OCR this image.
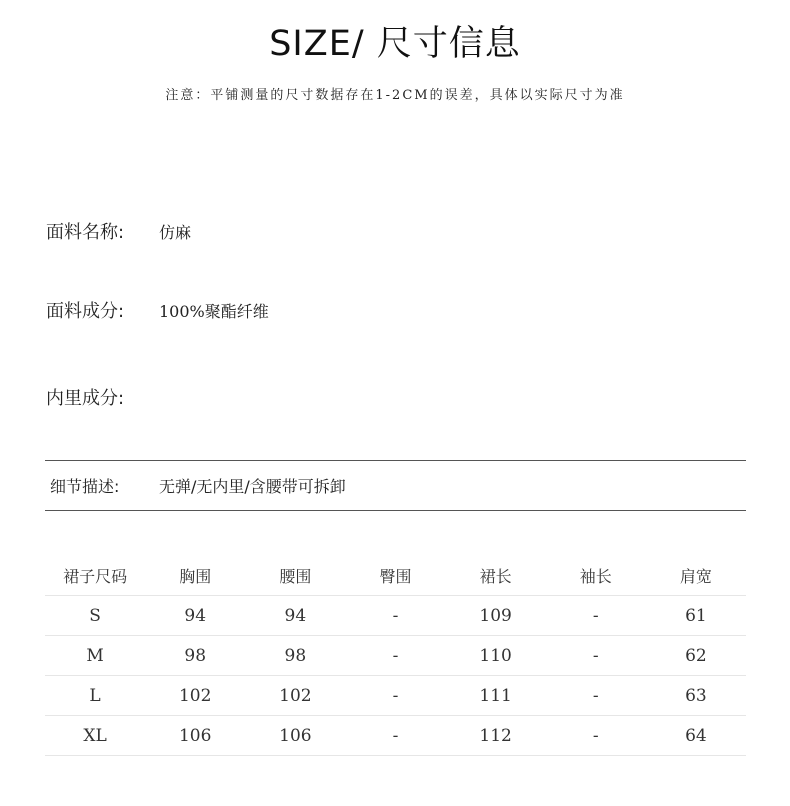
SIZE/ 尺寸信息
注意：平铺测量的尺寸数据存在1-2CM的误差，具体以实际尺寸为准
面料名称:	仿麻
面料成分:	100%聚酯纤维
内里成分:
细节描述:	无弹/无内里/含腰带可拆卸
裙子尺码	胸围	腰围	臀围	裙长	袖长	肩宽
S	94	94	-	109	-	61
M	98	98	-	110	-	62
L	102	102	-	111	-	63
XL	106	106	-	112	-	64
